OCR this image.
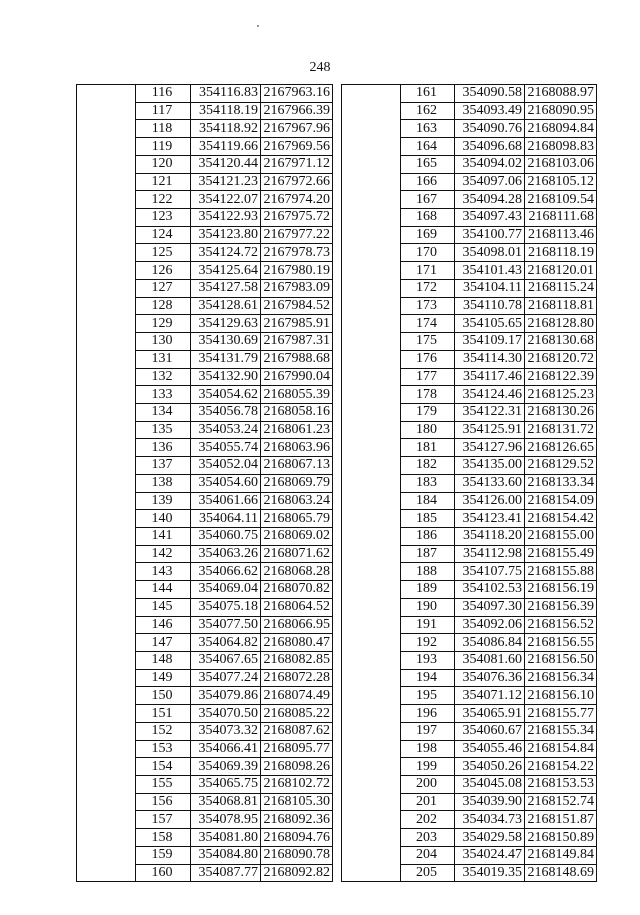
248
	116	354116.83	2167963.16
	117	354118.19	2167966.39
	118	354118.92	2167967.96
	119	354119.66	2167969.56
	120	354120.44	2167971.12
	121	354121.23	2167972.66
	122	354122.07	2167974.20
	123	354122.93	2167975.72
	124	354123.80	2167977.22
	125	354124.72	2167978.73
	126	354125.64	2167980.19
	127	354127.58	2167983.09
	128	354128.61	2167984.52
	129	354129.63	2167985.91
	130	354130.69	2167987.31
	131	354131.79	2167988.68
	132	354132.90	2167990.04
	133	354054.62	2168055.39
	134	354056.78	2168058.16
	135	354053.24	2168061.23
	136	354055.74	2168063.96
	137	354052.04	2168067.13
	138	354054.60	2168069.79
	139	354061.66	2168063.24
	140	354064.11	2168065.79
	141	354060.75	2168069.02
	142	354063.26	2168071.62
	143	354066.62	2168068.28
	144	354069.04	2168070.82
	145	354075.18	2168064.52
	146	354077.50	2168066.95
	147	354064.82	2168080.47
	148	354067.65	2168082.85
	149	354077.24	2168072.28
	150	354079.86	2168074.49
	151	354070.50	2168085.22
	152	354073.32	2168087.62
	153	354066.41	2168095.77
	154	354069.39	2168098.26
	155	354065.75	2168102.72
	156	354068.81	2168105.30
	157	354078.95	2168092.36
	158	354081.80	2168094.76
	159	354084.80	2168090.78
	160	354087.77	2168092.82
	161	354090.58	2168088.97
	162	354093.49	2168090.95
	163	354090.76	2168094.84
	164	354096.68	2168098.83
	165	354094.02	2168103.06
	166	354097.06	2168105.12
	167	354094.28	2168109.54
	168	354097.43	2168111.68
	169	354100.77	2168113.46
	170	354098.01	2168118.19
	171	354101.43	2168120.01
	172	354104.11	2168115.24
	173	354110.78	2168118.81
	174	354105.65	2168128.80
	175	354109.17	2168130.68
	176	354114.30	2168120.72
	177	354117.46	2168122.39
	178	354124.46	2168125.23
	179	354122.31	2168130.26
	180	354125.91	2168131.72
	181	354127.96	2168126.65
	182	354135.00	2168129.52
	183	354133.60	2168133.34
	184	354126.00	2168154.09
	185	354123.41	2168154.42
	186	354118.20	2168155.00
	187	354112.98	2168155.49
	188	354107.75	2168155.88
	189	354102.53	2168156.19
	190	354097.30	2168156.39
	191	354092.06	2168156.52
	192	354086.84	2168156.55
	193	354081.60	2168156.50
	194	354076.36	2168156.34
	195	354071.12	2168156.10
	196	354065.91	2168155.77
	197	354060.67	2168155.34
	198	354055.46	2168154.84
	199	354050.26	2168154.22
	200	354045.08	2168153.53
	201	354039.90	2168152.74
	202	354034.73	2168151.87
	203	354029.58	2168150.89
	204	354024.47	2168149.84
	205	354019.35	2168148.69
